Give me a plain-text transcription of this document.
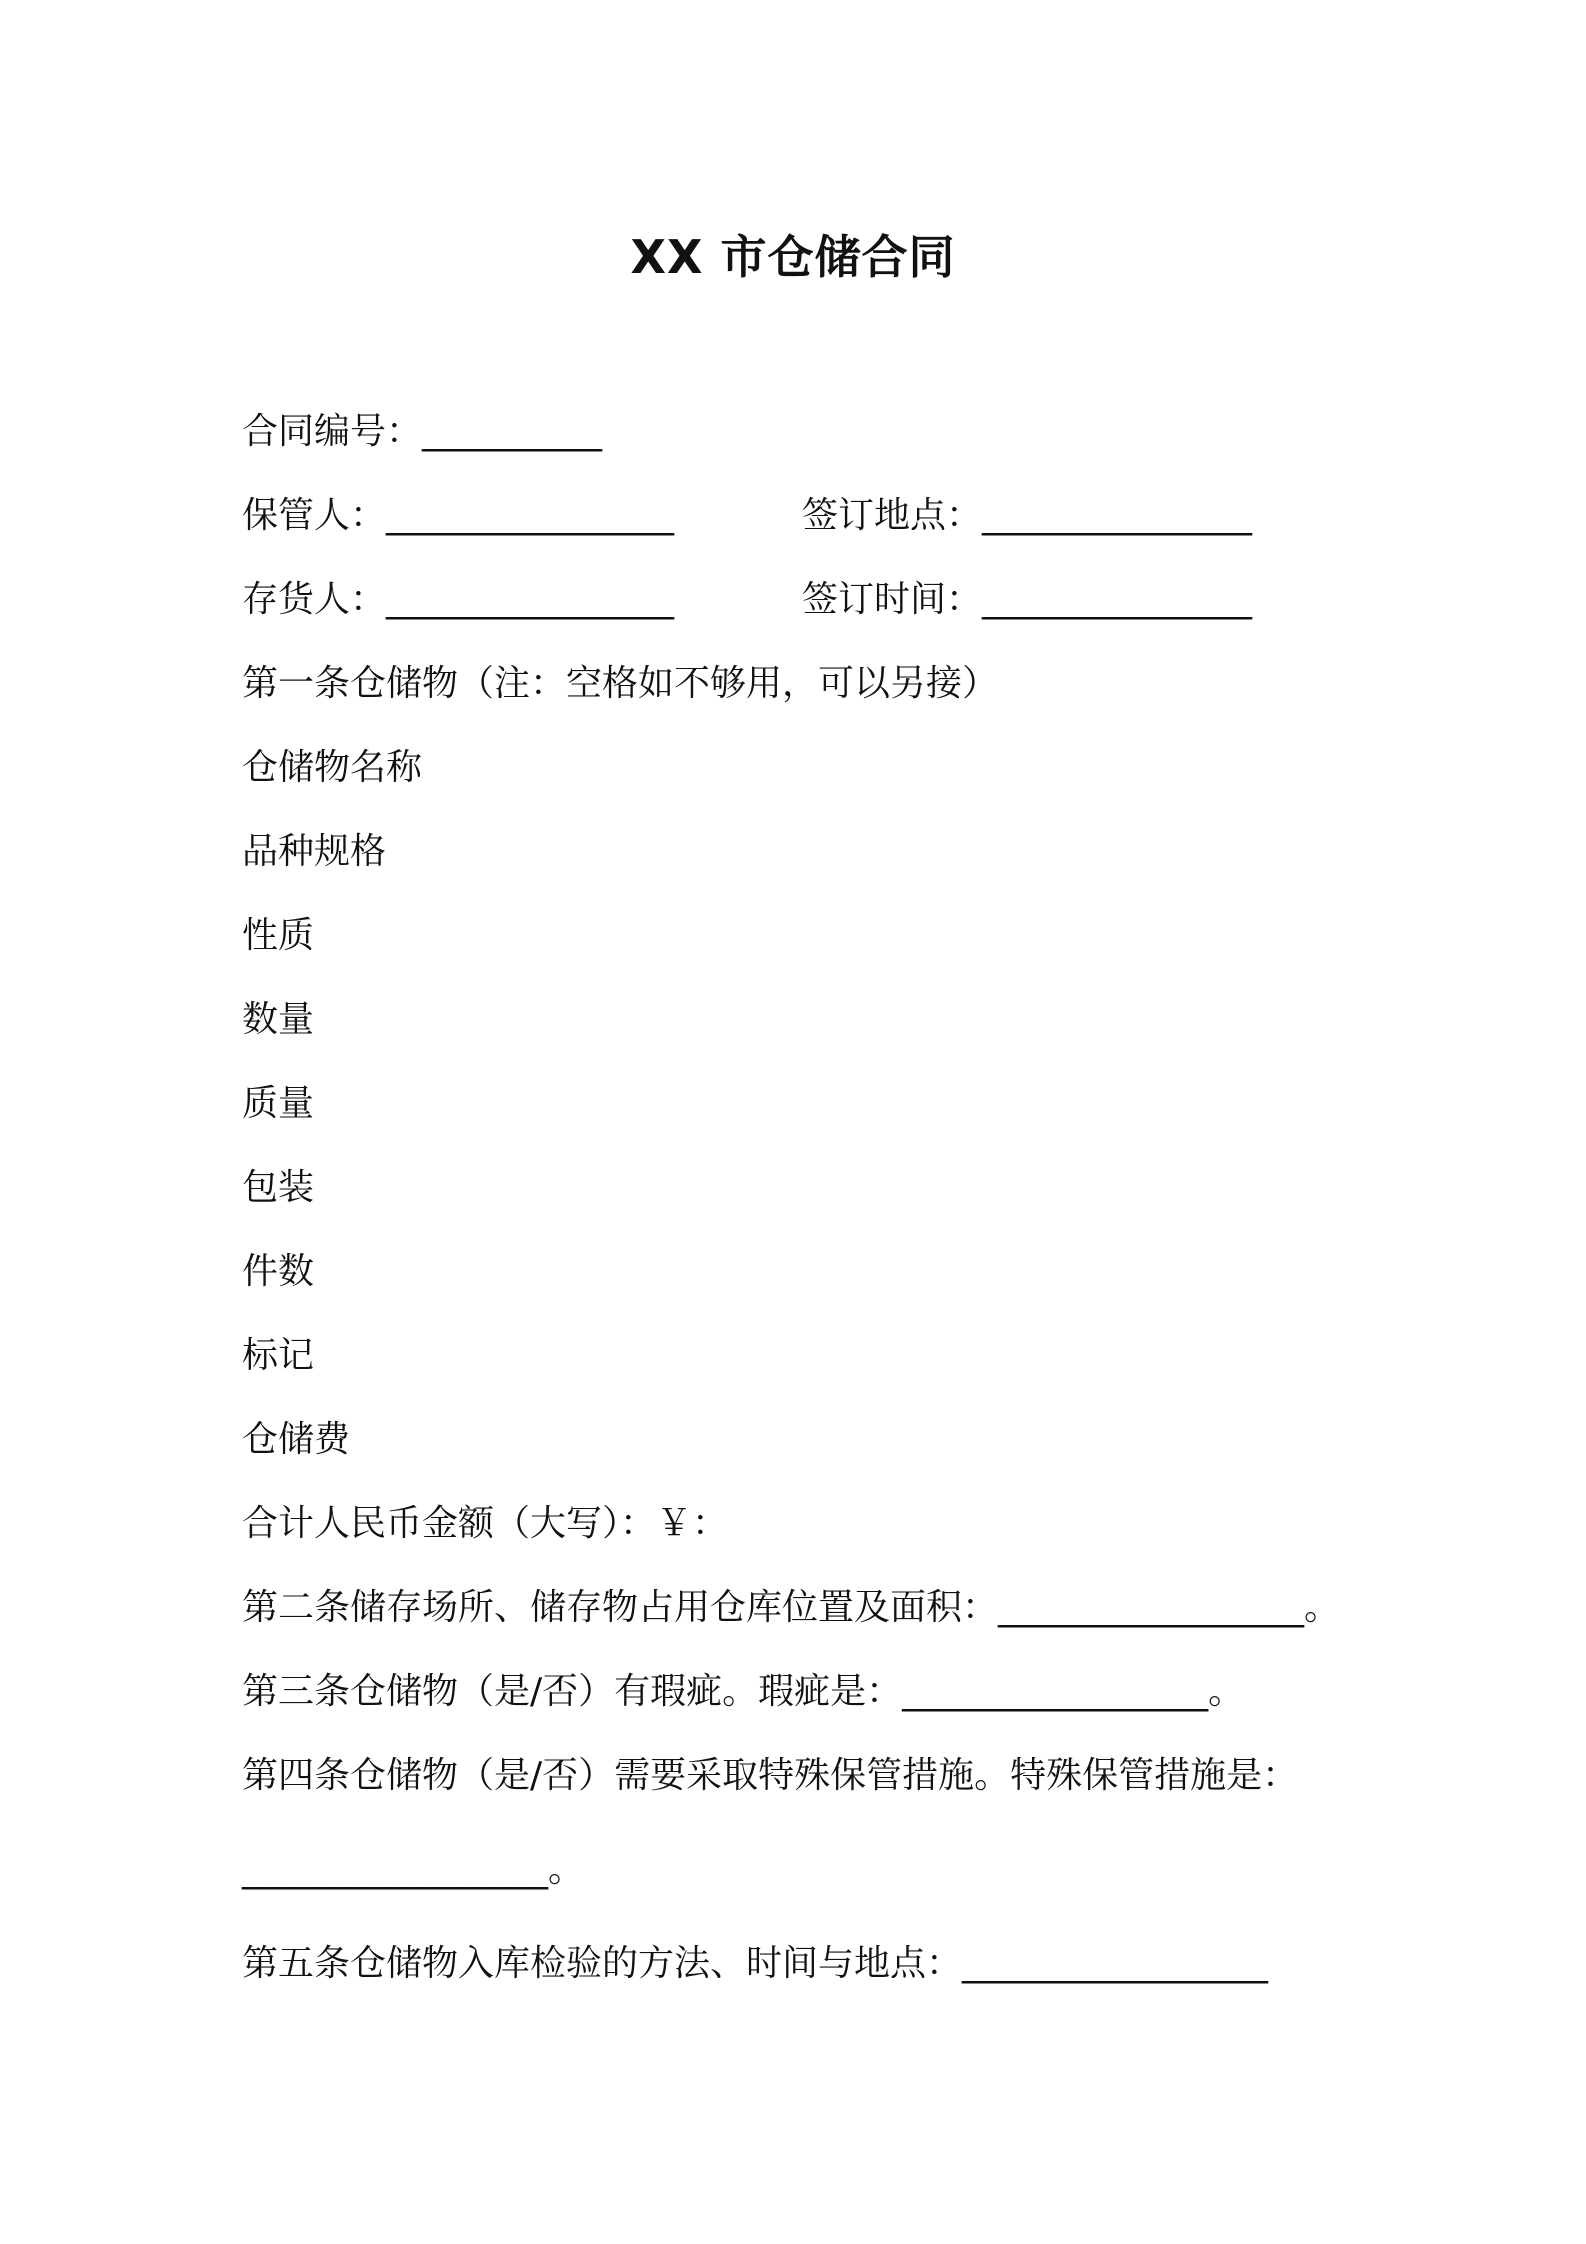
XX 市仓储合同
合同编号：__________
保管人：________________	签订地点：_______________
存货人：________________	签订时间：_______________
第一条仓储物（注：空格如不够用，可以另接）
仓储物名称
品种规格
性质
数量
质量
包装
件数
标记
仓储费
合计人民币金额（大写）：￥：
第二条储存场所、储存物占用仓库位置及面积：_________________。
第三条仓储物（是/否）有瑕疵。瑕疵是：_________________。
第四条仓储物（是/否）需要采取特殊保管措施。特殊保管措施是：
_________________。
第五条仓储物入库检验的方法、时间与地点：_________________
